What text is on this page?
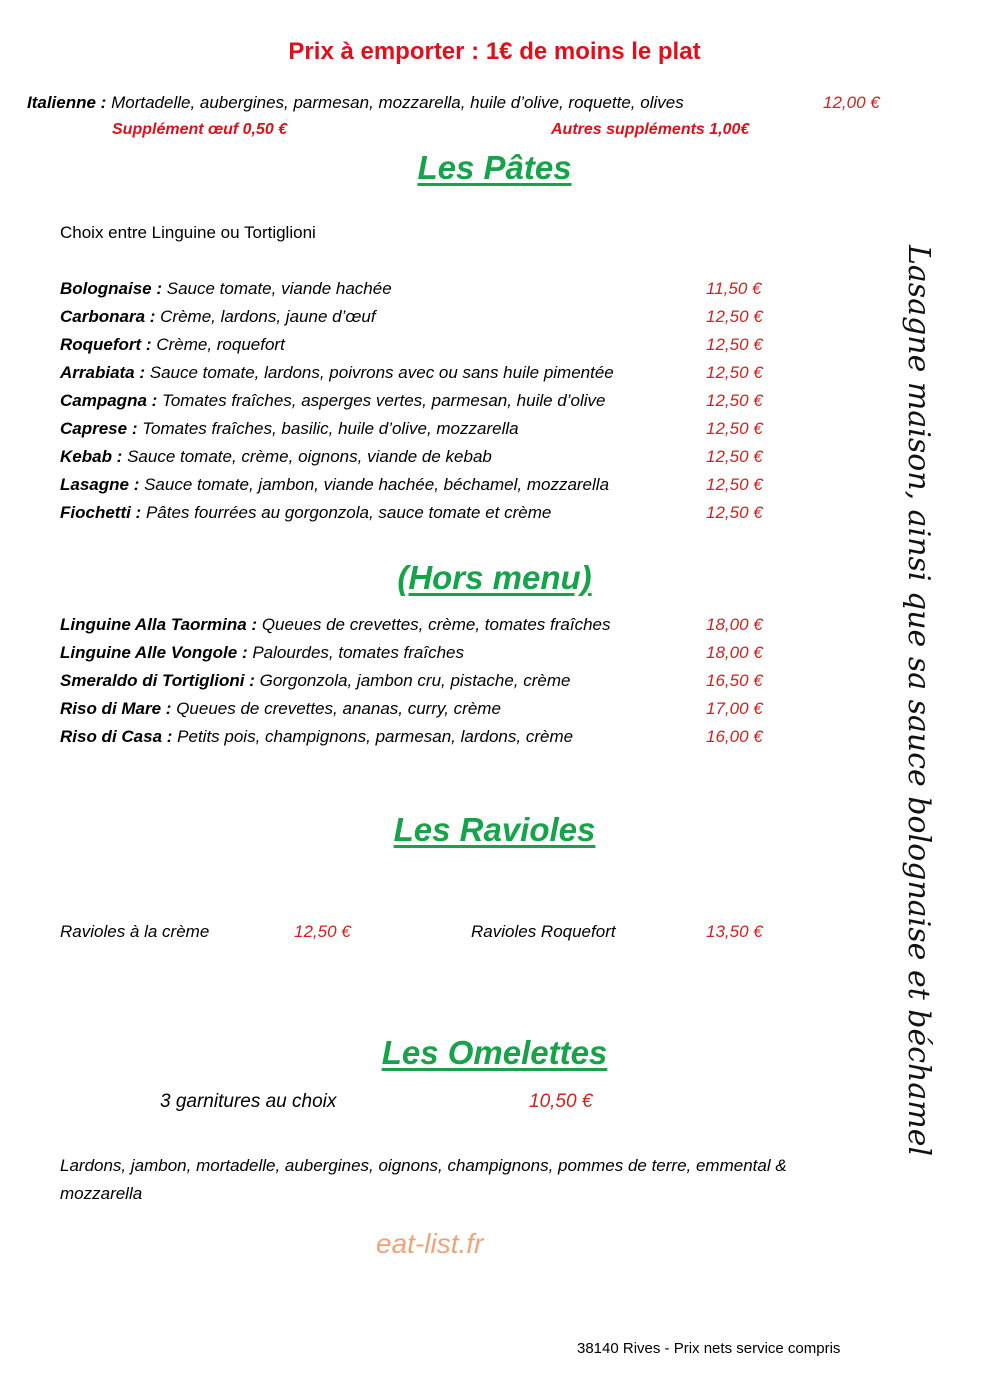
Prix à emporter : 1€ de moins le plat
Italienne : Mortadelle, aubergines, parmesan, mozzarella, huile d’olive, roquette, olives	12,00 €
Supplément œuf 0,50 €	Autres suppléments 1,00€
Les Pâtes
Choix entre Linguine ou Tortiglioni
Bolognaise : Sauce tomate, viande hachée	11,50 €
Carbonara : Crème, lardons, jaune d’œuf	12,50 €
Roquefort : Crème, roquefort	12,50 €
Arrabiata : Sauce tomate, lardons, poivrons avec ou sans huile pimentée	12,50 €
Campagna : Tomates fraîches, asperges vertes, parmesan, huile d’olive	12,50 €
Caprese : Tomates fraîches, basilic, huile d’olive, mozzarella	12,50 €
Kebab : Sauce tomate, crème, oignons, viande de kebab	12,50 €
Lasagne : Sauce tomate, jambon, viande hachée, béchamel, mozzarella	12,50 €
Fiochetti : Pâtes fourrées au gorgonzola, sauce tomate et crème	12,50 €
(Hors menu)
Linguine Alla Taormina : Queues de crevettes, crème, tomates fraîches	18,00 €
Linguine Alle Vongole : Palourdes, tomates fraîches	18,00 €
Smeraldo di Tortiglioni : Gorgonzola, jambon cru, pistache, crème	16,50 €
Riso di Mare : Queues de crevettes, ananas, curry, crème	17,00 €
Riso di Casa : Petits pois, champignons, parmesan, lardons, crème	16,00 €
Les Ravioles
Ravioles à la crème	12,50 €	Ravioles Roquefort	13,50 €
Les Omelettes
3 garnitures au choix	10,50 €
Lardons, jambon, mortadelle, aubergines, oignons, champignons, pommes de terre, emmental &
mozzarella
Lasagne maison, ainsi que sa sauce bolognaise et béchamel
eat-list.fr
38140 Rives - Prix nets service compris
